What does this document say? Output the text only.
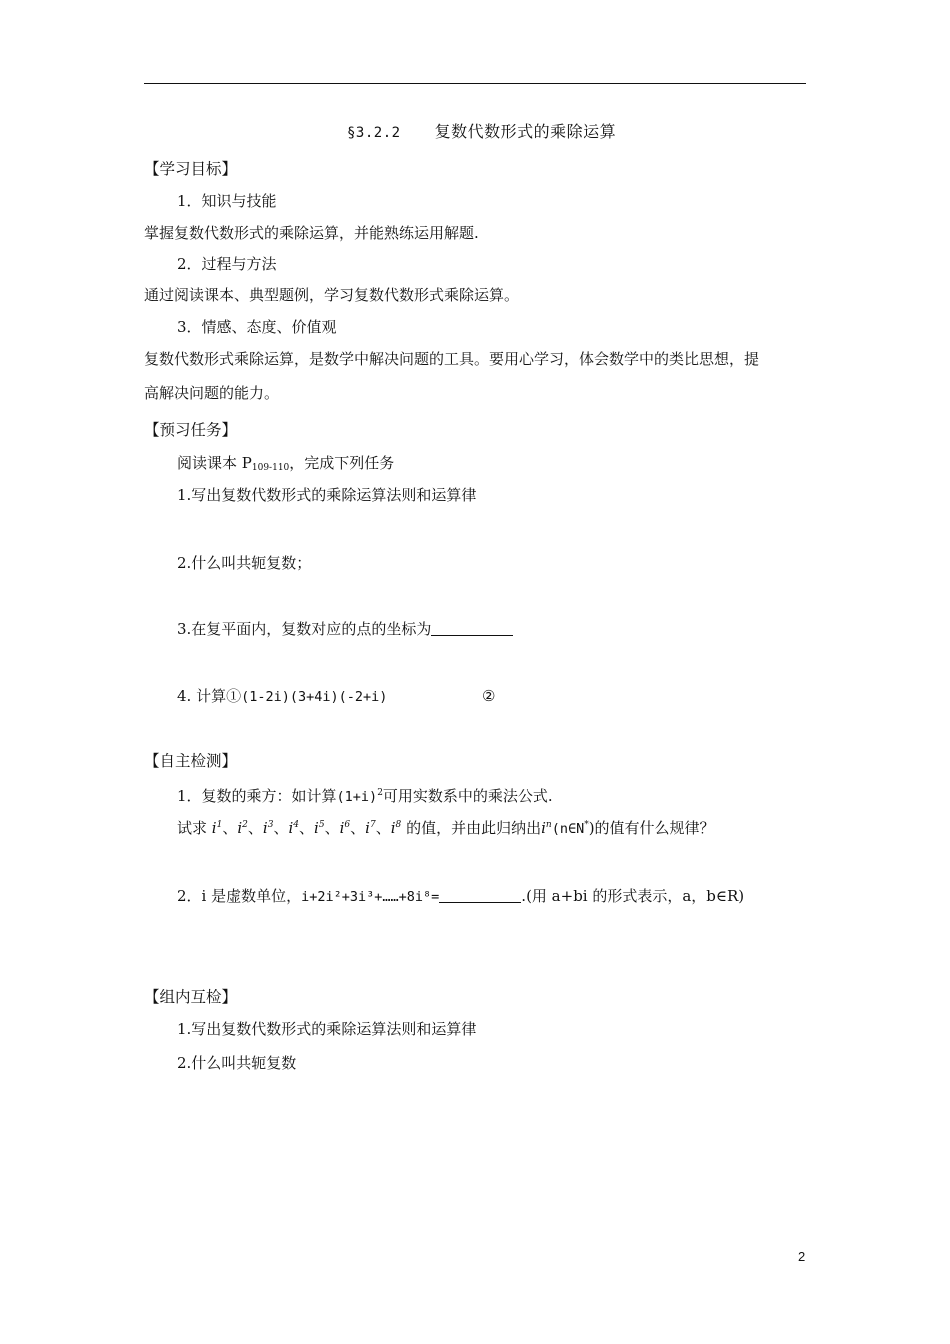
§3.2.2 复数代数形式的乘除运算
【学习目标】
1．知识与技能
掌握复数代数形式的乘除运算，并能熟练运用解题.
2．过程与方法
通过阅读课本、典型题例，学习复数代数形式乘除运算。
3．情感、态度、价值观
复数代数形式乘除运算，是数学中解决问题的工具。要用心学习，体会数学中的类比思想，提
高解决问题的能力。
【预习任务】
阅读课本 $P_{109-110}$，完成下列任务
1.写出复数代数形式的乘除运算法则和运算律
2.什么叫共轭复数；
3.在复平面内，复数对应的点的坐标为
4. 计算①(1-2i)(3+4i)(-2+i)	②
【自主检测】
1．复数的乘方：如计算$(1+i)^2$可用实数系中的乘法公式.
试求 $i^1$、$i^2$、$i^3$、$i^4$、$i^5$、$i^6$、$i^7$、$i^8$ 的值，并由此归纳出$i^n(n\in N^*)$的值有什么规律？
2．i 是虚数单位，i+2i²+3i³+……+8i⁸=	.(用 a+bi 的形式表示，a，b∈R)
【组内互检】
1.写出复数代数形式的乘除运算法则和运算律
2.什么叫共轭复数
2
